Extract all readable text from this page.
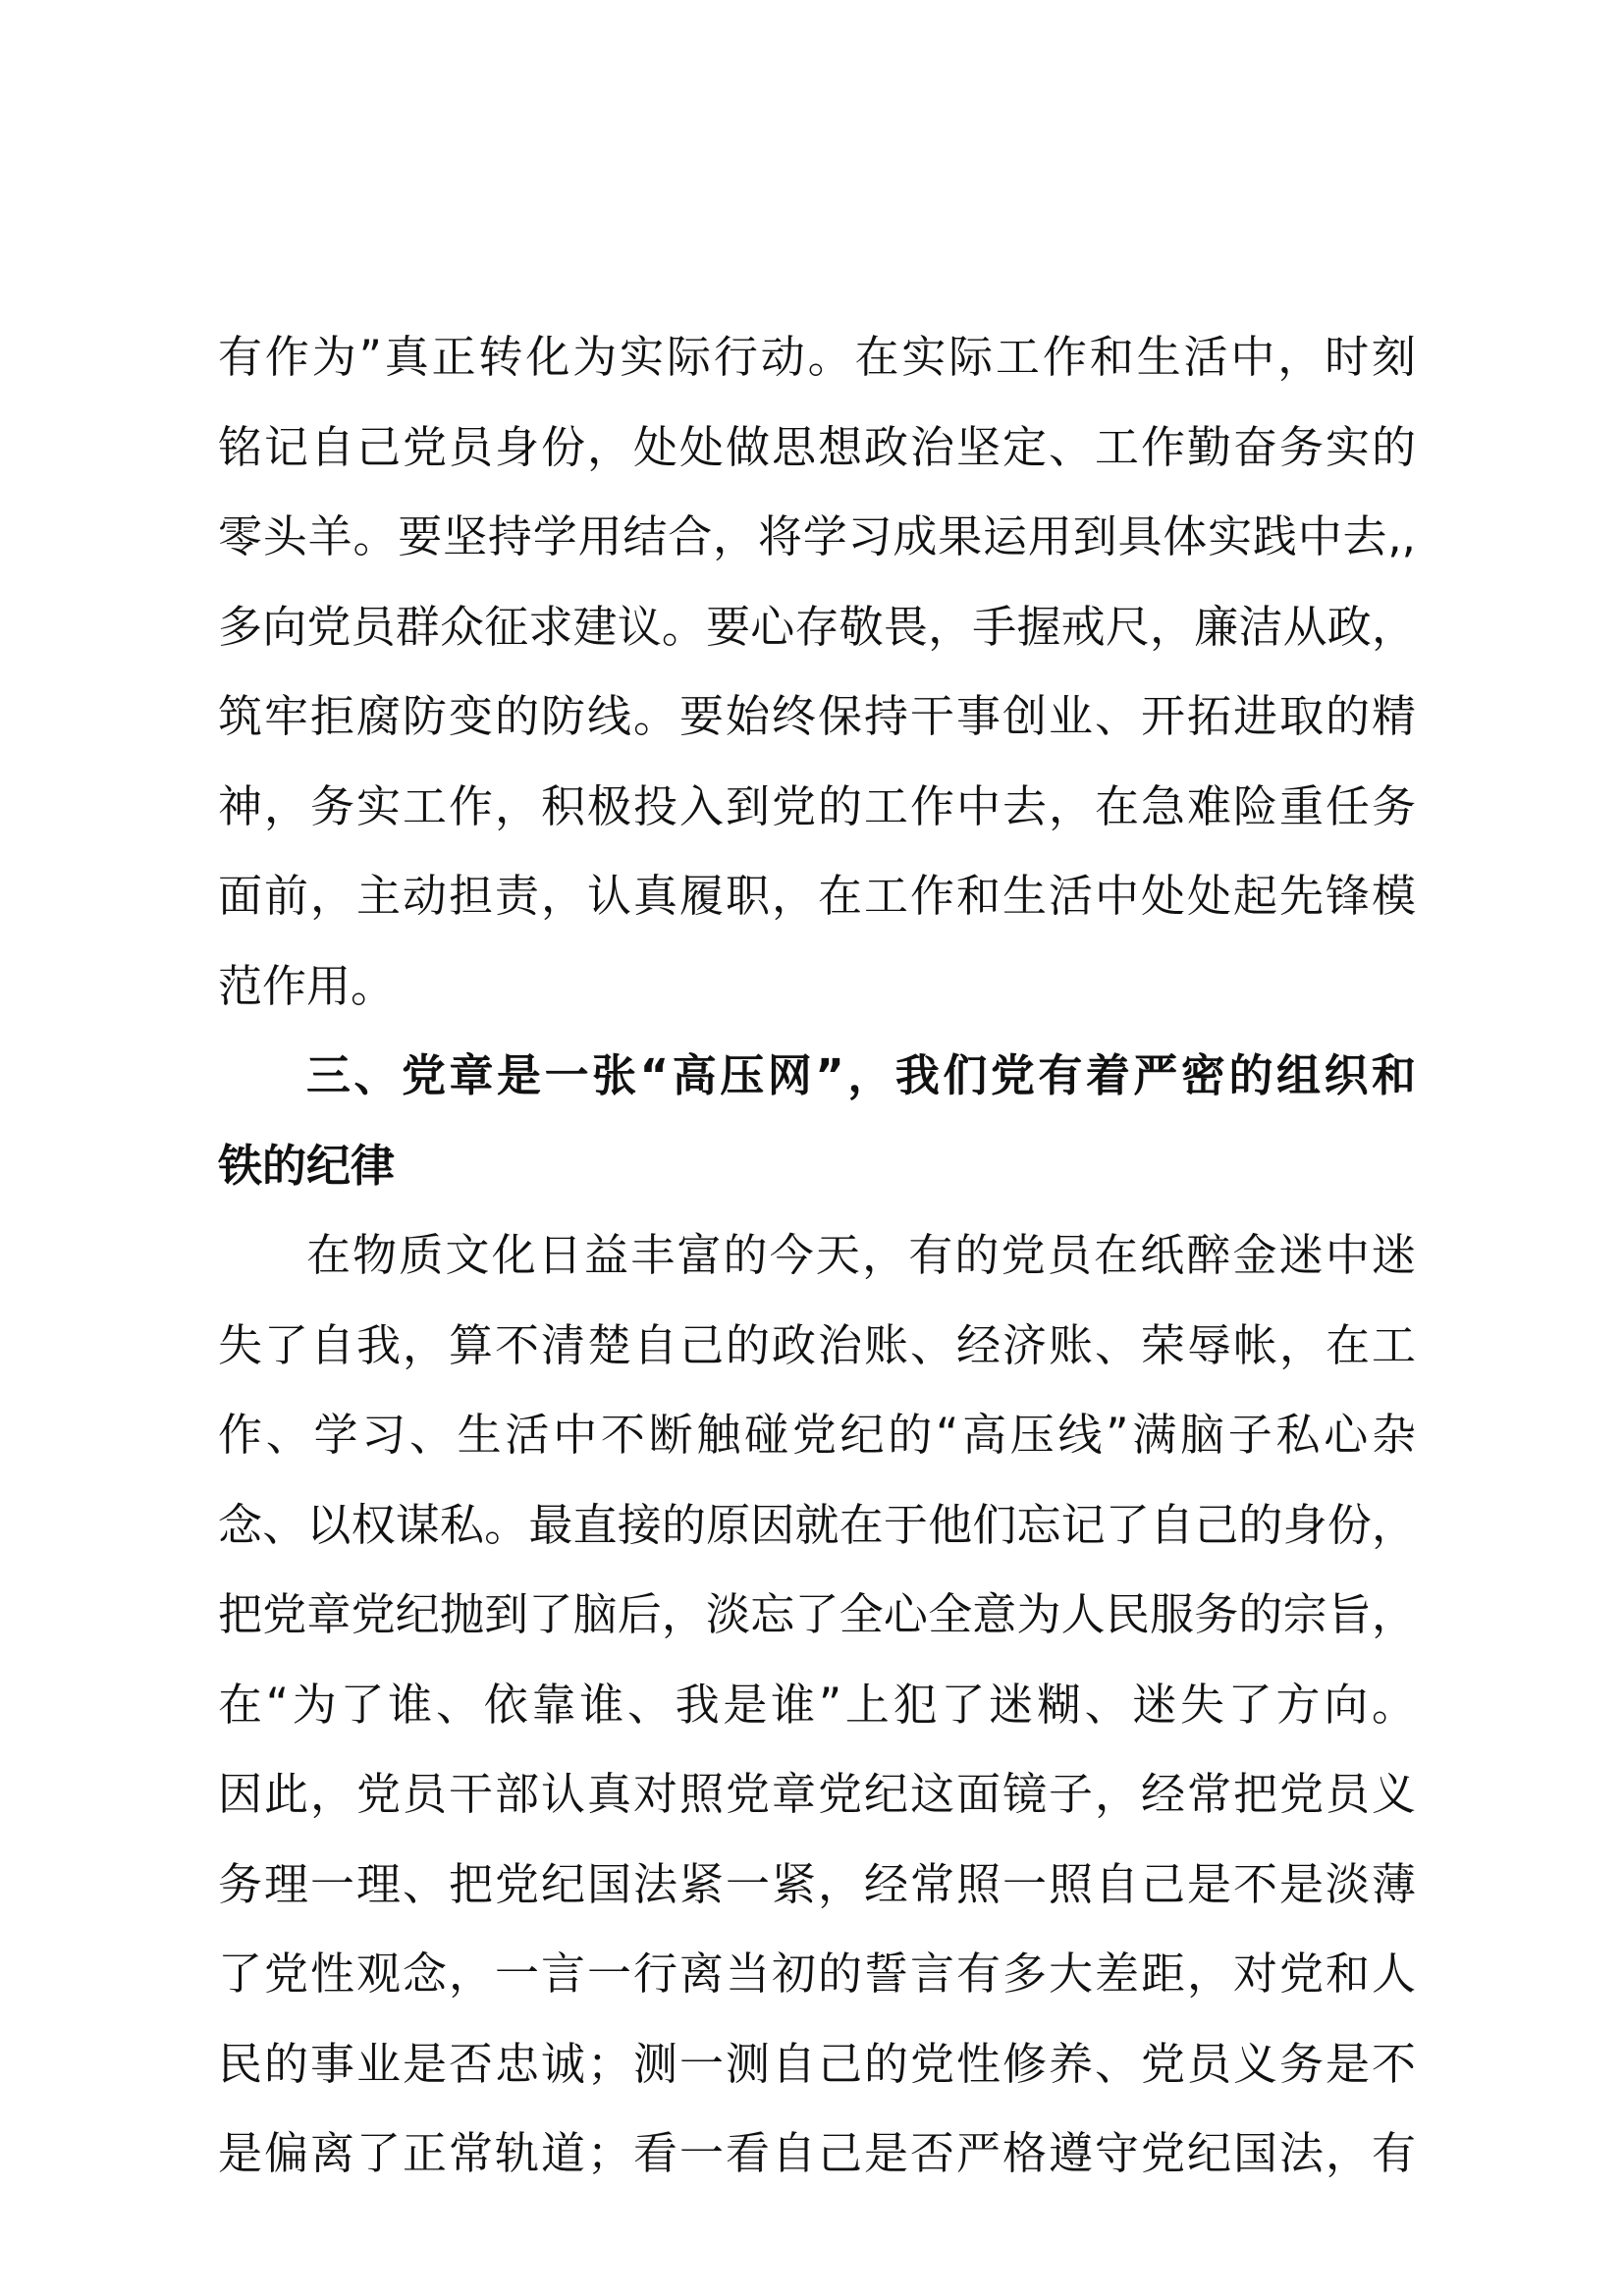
有作为”真正转化为实际行动。在实际工作和生活中，时刻
铭记自己党员身份，处处做思想政治坚定、工作勤奋务实的
零头羊。要坚持学用结合，将学习成果运用到具体实践中去,,
多向党员群众征求建议。要心存敬畏，手握戒尺，廉洁从政，
筑牢拒腐防变的防线。要始终保持干事创业、开拓进取的精
神，务实工作，积极投入到党的工作中去，在急难险重任务
面前，主动担责，认真履职，在工作和生活中处处起先锋模
范作用。
三、党章是一张“高压网”，我们党有着严密的组织和
铁的纪律
在物质文化日益丰富的今天，有的党员在纸醉金迷中迷
失了自我，算不清楚自己的政治账、经济账、荣辱帐，在工
作、学习、生活中不断触碰党纪的“高压线”满脑子私心杂
念、以权谋私。最直接的原因就在于他们忘记了自己的身份，
把党章党纪抛到了脑后，淡忘了全心全意为人民服务的宗旨，
在“为了谁、依靠谁、我是谁”上犯了迷糊、迷失了方向。
因此，党员干部认真对照党章党纪这面镜子，经常把党员义
务理一理、把党纪国法紧一紧，经常照一照自己是不是淡薄
了党性观念，一言一行离当初的誓言有多大差距，对党和人
民的事业是否忠诚；测一测自己的党性修养、党员义务是不
是偏离了正常轨道；看一看自己是否严格遵守党纪国法，有
